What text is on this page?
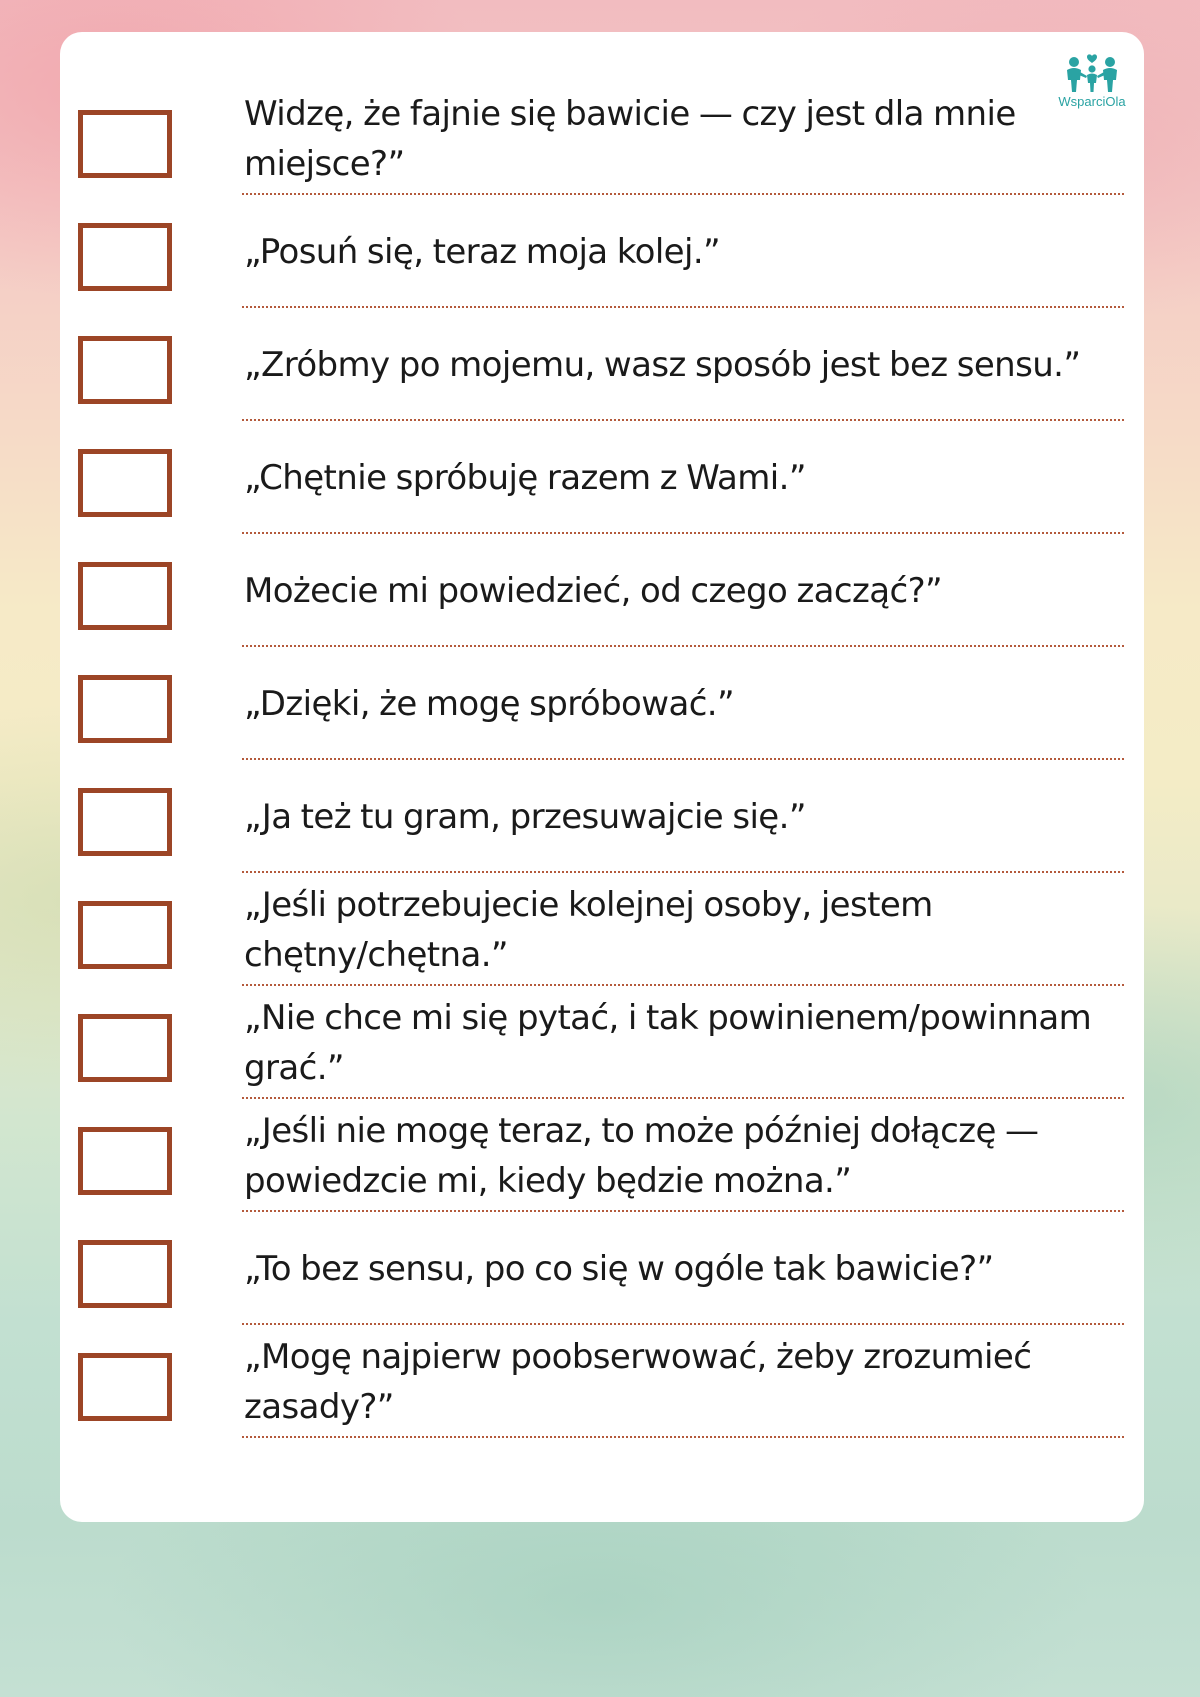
WsparciOla
Widzę, że fajnie się bawicie — czy jest dla mnie miejsce?”
„Posuń się, teraz moja kolej.”
„Zróbmy po mojemu, wasz sposób jest bez sensu.”
„Chętnie spróbuję razem z Wami.”
Możecie mi powiedzieć, od czego zacząć?”
„Dzięki, że mogę spróbować.”
„Ja też tu gram, przesuwajcie się.”
„Jeśli potrzebujecie kolejnej osoby, jestem chętny/chętna.”
„Nie chce mi się pytać, i tak powinienem/powinnam grać.”
„Jeśli nie mogę teraz, to może później dołączę — powiedzcie mi, kiedy będzie można.”
„To bez sensu, po co się w ogóle tak bawicie?”
„Mogę najpierw poobserwować, żeby zrozumieć zasady?”
